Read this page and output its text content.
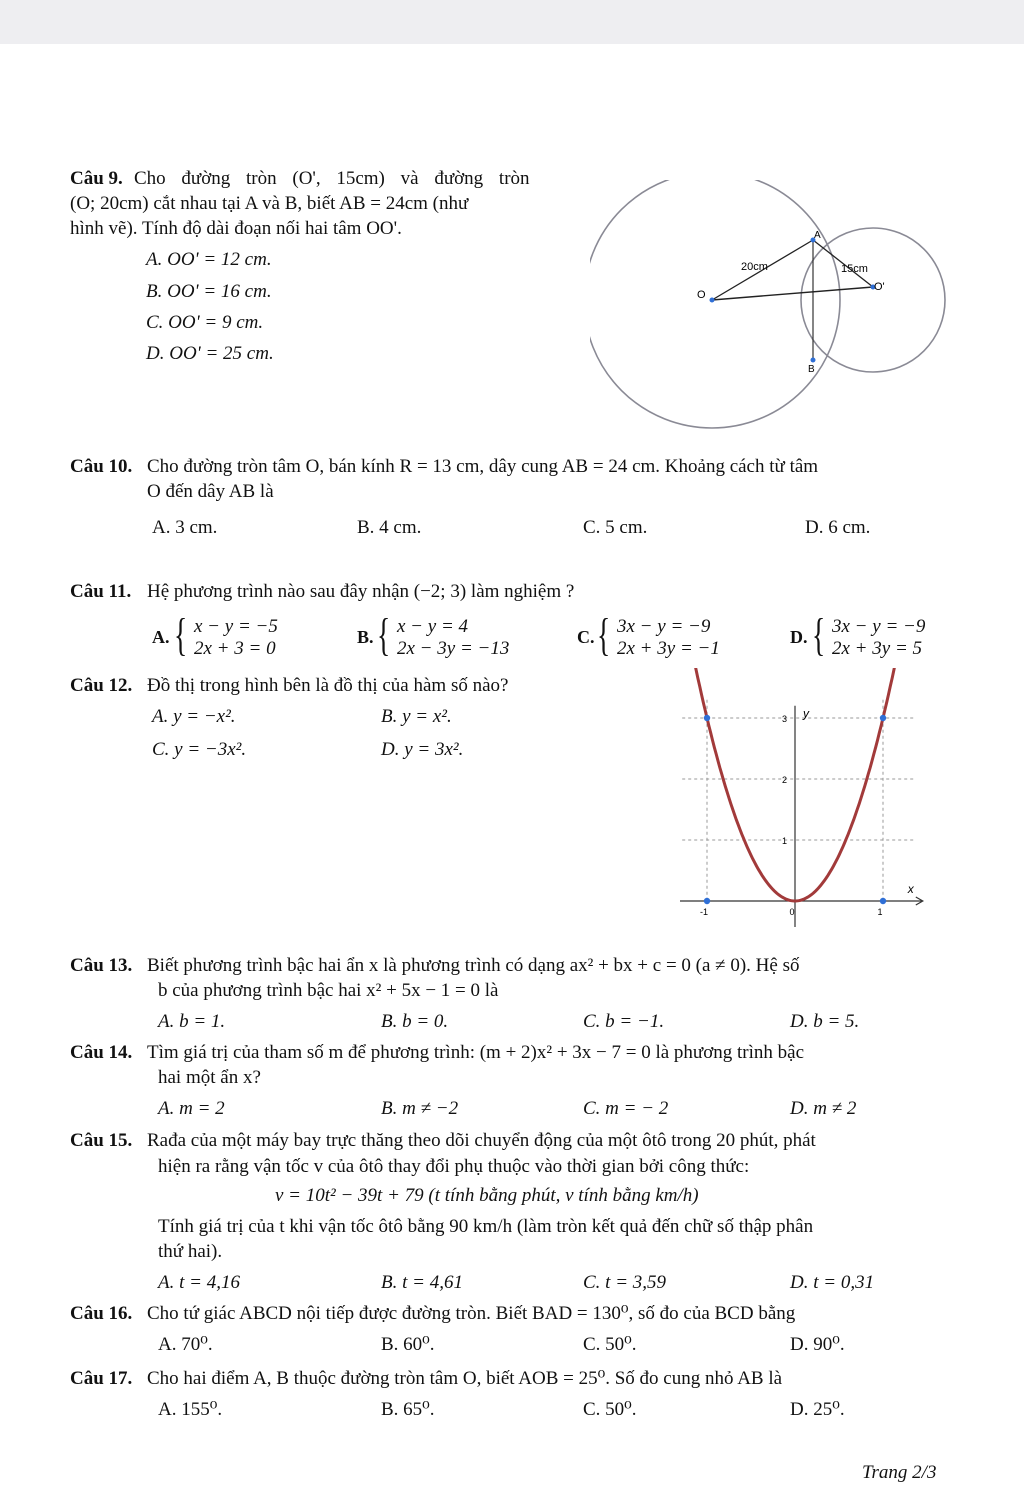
Câu 9. Cho đường tròn (O', 15cm) và đường tròn
(O; 20cm) cắt nhau tại A và B, biết AB = 24cm (như
hình vẽ). Tính độ dài đoạn nối hai tâm OO'.
A. OO' = 12 cm.
B. OO' = 16 cm.
C. OO' = 9 cm.
D. OO' = 25 cm.
A
B
O
O'
20cm	15cm
Câu 10. Cho đường tròn tâm O, bán kính R = 13 cm, dây cung AB = 24 cm. Khoảng cách từ tâm
O đến dây AB là
A. 3 cm.	B. 4 cm.	C. 5 cm.	D. 6 cm.
Câu 11. Hệ phương trình nào sau đây nhận (−2; 3) làm nghiệm ?
A. { x − y = −5
2x + 3 = 0
B. { x − y = 4
2x − 3y = −13
C. { 3x − y = −9
2x + 3y = −1
D. { 3x − y = −9
2x + 3y = 5
Câu 12. Đồ thị trong hình bên là đồ thị của hàm số nào?
A. y = −x².	B. y = x².
C. y = −3x².	D. y = 3x².
x
y
1
2
3
-1	0	1
Câu 13. Biết phương trình bậc hai ẩn x là phương trình có dạng ax² + bx + c = 0 (a ≠ 0). Hệ số
b của phương trình bậc hai x² + 5x − 1 = 0 là
A. b = 1.	B. b = 0.	C. b = −1.	D. b = 5.
Câu 14. Tìm giá trị của tham số m để phương trình: (m + 2)x² + 3x − 7 = 0 là phương trình bậc
hai một ẩn x?
A. m = 2	B. m ≠ −2	C. m = − 2	D. m ≠ 2
Câu 15. Rađa của một máy bay trực thăng theo dõi chuyển động của một ôtô trong 20 phút, phát
hiện ra rằng vận tốc v của ôtô thay đổi phụ thuộc vào thời gian bởi công thức:
v = 10t² − 39t + 79 (t tính bằng phút, v tính bằng km/h)
Tính giá trị của t khi vận tốc ôtô bằng 90 km/h (làm tròn kết quả đến chữ số thập phân
thứ hai).
A. t = 4,16	B. t = 4,61	C. t = 3,59	D. t = 0,31
Câu 16. Cho tứ giác ABCD nội tiếp được đường tròn. Biết BAD = 130⁰, số đo của BCD bằng
A. 70⁰.	B. 60⁰.	C. 50⁰.	D. 90⁰.
Câu 17. Cho hai điểm A, B thuộc đường tròn tâm O, biết AOB = 25⁰. Số đo cung nhỏ AB là
A. 155⁰.	B. 65⁰.	C. 50⁰.	D. 25⁰.
Trang 2/3
